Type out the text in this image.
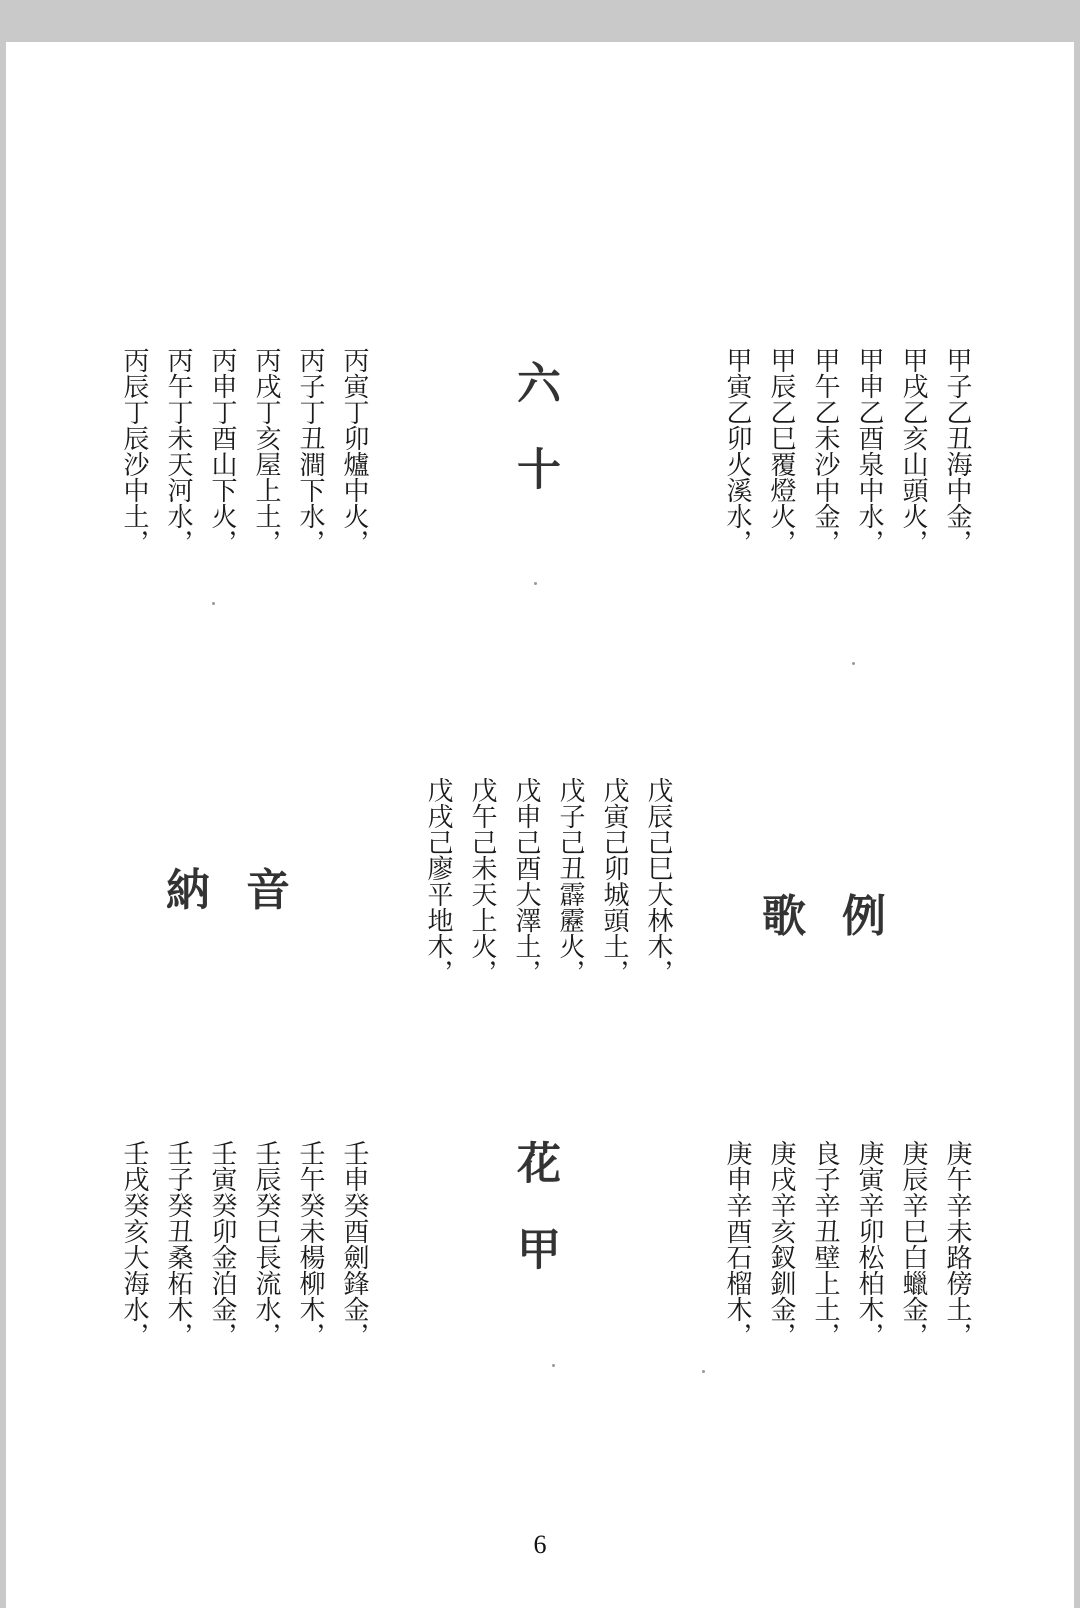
甲子乙丑海中金，
甲戌乙亥山頭火，
甲申乙酉泉中水，
甲午乙未沙中金，
甲辰乙巳覆燈火，
甲寅乙卯火溪水，
丙寅丁卯爐中火，
丙子丁丑澗下水，
丙戌丁亥屋上土，
丙申丁酉山下火，
丙午丁未天河水，
丙辰丁辰沙中土，
戊辰己巳大林木，
戊寅己卯城頭土，
戊子己丑霹靂火，
戊申己酉大澤土，
戊午己未天上火，
戊戌己廖平地木，
庚午辛未路傍土，
庚辰辛巳白蠟金，
庚寅辛卯松柏木，
良子辛丑壁上土，
庚戌辛亥釵釧金，
庚申辛酉石榴木，
壬申癸酉劍鋒金，
壬午癸未楊柳木，
壬辰癸巳長流水，
壬寅癸卯金泊金，
壬子癸丑桑柘木，
壬戌癸亥大海水，
六十
花甲
納音
歌例
6
